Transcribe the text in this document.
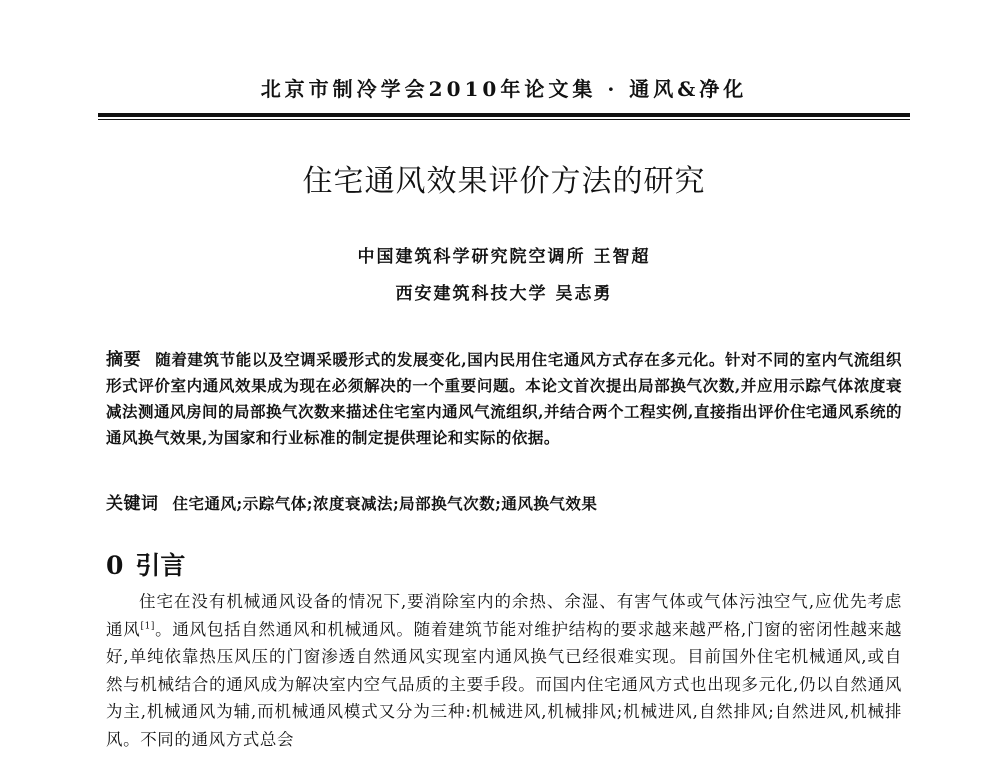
北京市制冷学会2010年论文集 · 通风&净化
住宅通风效果评价方法的研究
中国建筑科学研究院空调所 王智超
西安建筑科技大学 吴志勇
摘要 随着建筑节能以及空调采暖形式的发展变化,国内民用住宅通风方式存在多元化。针对不同的室内气流组织形式评价室内通风效果成为现在必须解决的一个重要问题。本论文首次提出局部换气次数,并应用示踪气体浓度衰减法测通风房间的局部换气次数来描述住宅室内通风气流组织,并结合两个工程实例,直接指出评价住宅通风系统的通风换气效果,为国家和行业标准的制定提供理论和实际的依据。
关键词 住宅通风;示踪气体;浓度衰减法;局部换气次数;通风换气效果
0 引言
住宅在没有机械通风设备的情况下,要消除室内的余热、余湿、有害气体或气体污浊空气,应优先考虑通风[1]。通风包括自然通风和机械通风。随着建筑节能对维护结构的要求越来越严格,门窗的密闭性越来越好,单纯依靠热压风压的门窗渗透自然通风实现室内通风换气已经很难实现。目前国外住宅机械通风,或自然与机械结合的通风成为解决室内空气品质的主要手段。而国内住宅通风方式也出现多元化,仍以自然通风为主,机械通风为辅,而机械通风模式又分为三种:机械进风,机械排风;机械进风,自然排风;自然进风,机械排风。不同的通风方式总会
